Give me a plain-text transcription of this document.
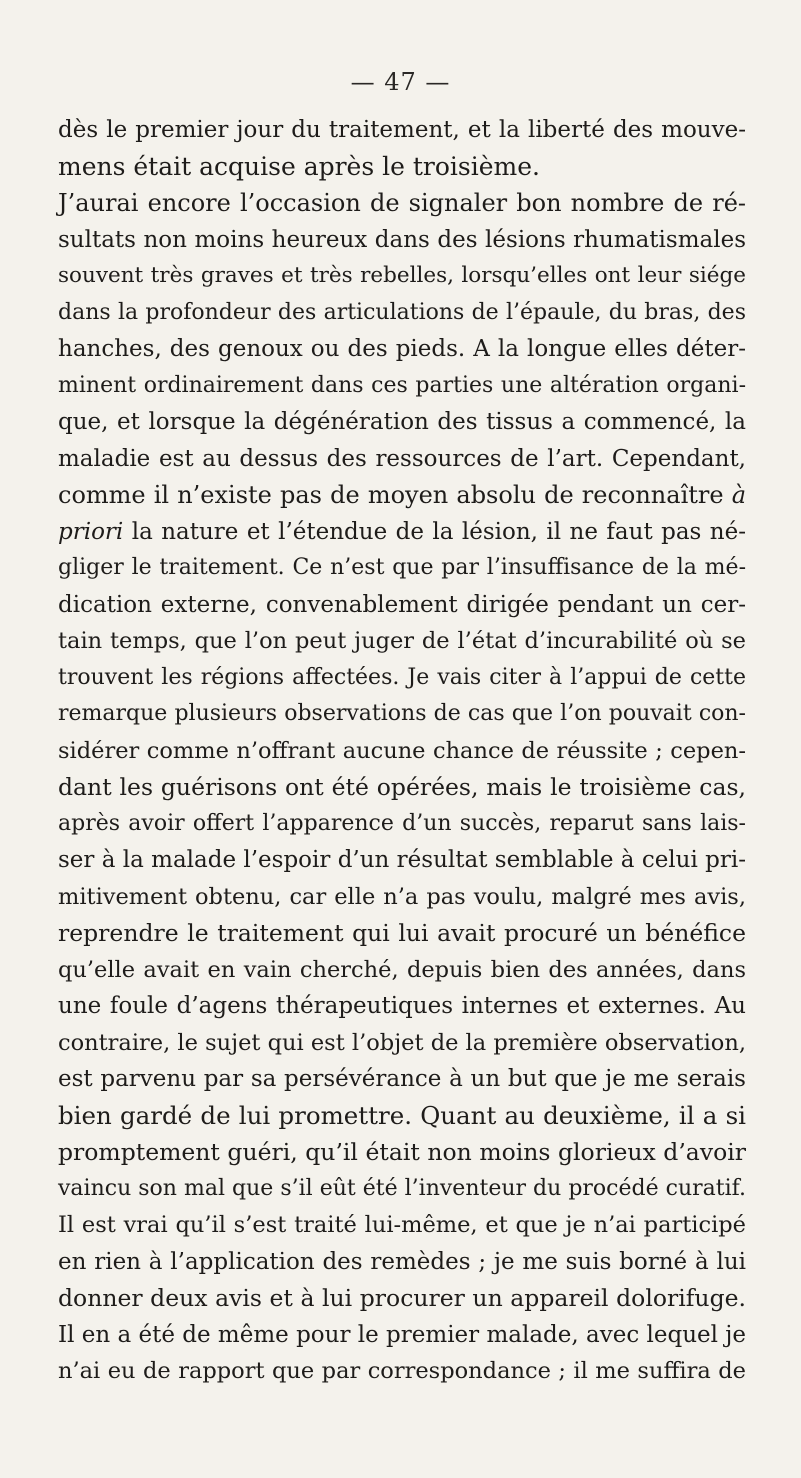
— 47 —
dès le premier jour du traitement, et la liberté des mouve-
mens était acquise après le troisième.
J’aurai encore l’occasion de signaler bon nombre de ré-
sultats non moins heureux dans des lésions rhumatismales
souvent très graves et très rebelles, lorsqu’elles ont leur siége
dans la profondeur des articulations de l’épaule, du bras, des
hanches, des genoux ou des pieds. A la longue elles déter-
minent ordinairement dans ces parties une altération organi-
que, et lorsque la dégénération des tissus a commencé, la
maladie est au dessus des ressources de l’art. Cependant,
comme il n’existe pas de moyen absolu de reconnaître à
priori la nature et l’étendue de la lésion, il ne faut pas né-
gliger le traitement. Ce n’est que par l’insuffisance de la mé-
dication externe, convenablement dirigée pendant un cer-
tain temps, que l’on peut juger de l’état d’incurabilité où se
trouvent les régions affectées. Je vais citer à l’appui de cette
remarque plusieurs observations de cas que l’on pouvait con-
sidérer comme n’offrant aucune chance de réussite ; cepen-
dant les guérisons ont été opérées, mais le troisième cas,
après avoir offert l’apparence d’un succès, reparut sans lais-
ser à la malade l’espoir d’un résultat semblable à celui pri-
mitivement obtenu, car elle n’a pas voulu, malgré mes avis,
reprendre le traitement qui lui avait procuré un bénéfice
qu’elle avait en vain cherché, depuis bien des années, dans
une foule d’agens thérapeutiques internes et externes. Au
contraire, le sujet qui est l’objet de la première observation,
est parvenu par sa persévérance à un but que je me serais
bien gardé de lui promettre. Quant au deuxième, il a si
promptement guéri, qu’il était non moins glorieux d’avoir
vaincu son mal que s’il eût été l’inventeur du procédé curatif.
Il est vrai qu’il s’est traité lui-même, et que je n’ai participé
en rien à l’application des remèdes ; je me suis borné à lui
donner deux avis et à lui procurer un appareil dolorifuge.
Il en a été de même pour le premier malade, avec lequel je
n’ai eu de rapport que par correspondance ; il me suffira de
